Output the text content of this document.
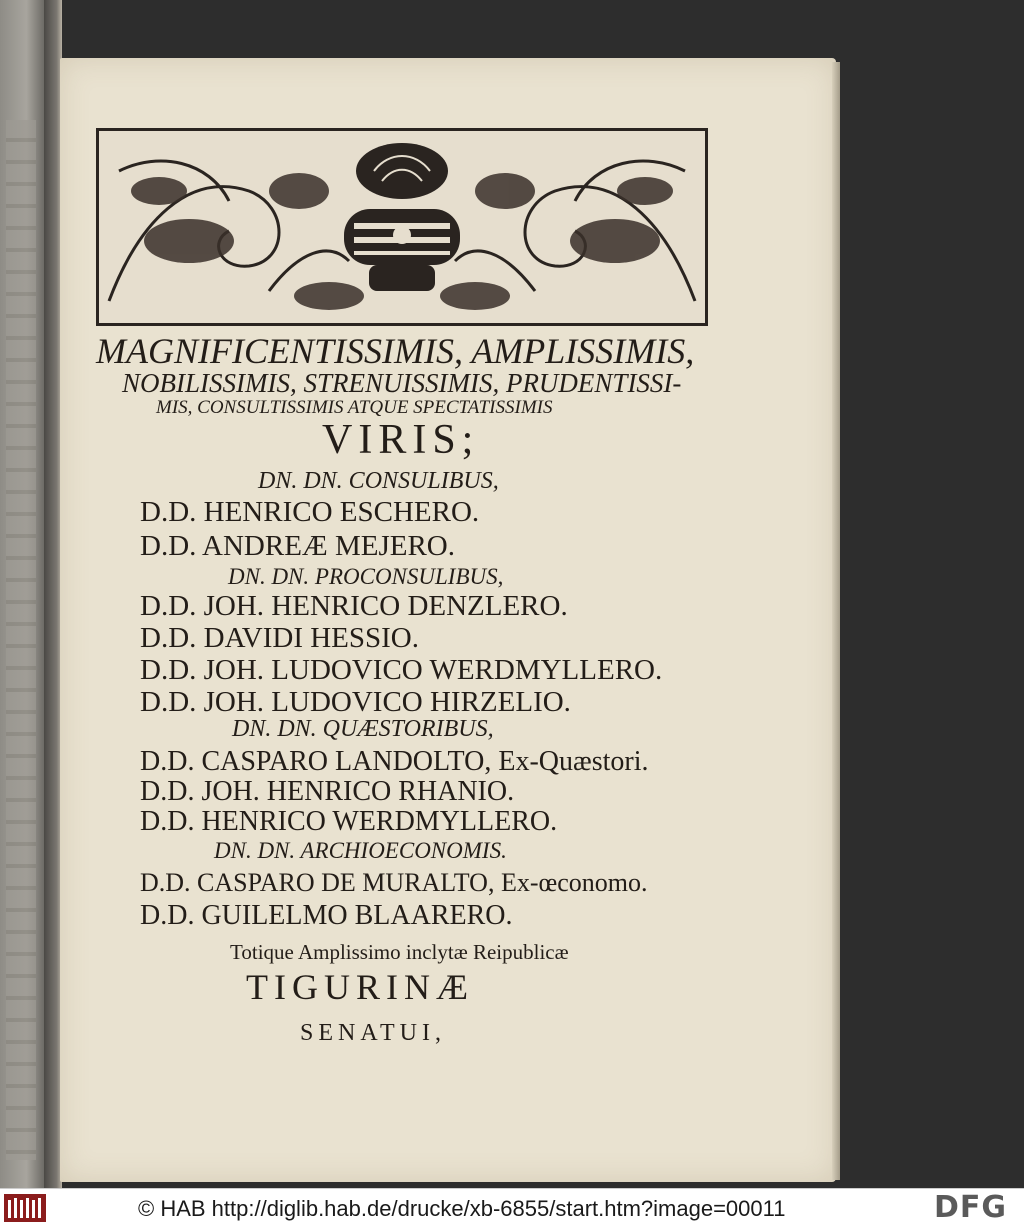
MAGNIFICENTISSIMIS, AMPLISSIMIS,
NOBILISSIMIS, STRENUISSIMIS, PRUDENTISSI-
MIS, CONSULTISSIMIS ATQUE SPECTATISSIMIS
VIRIS;
DN. DN. CONSULIBUS,
D.D. HENRICO ESCHERO.
D.D. ANDREÆ MEJERO.
DN. DN. PROCONSULIBUS,
D.D. JOH. HENRICO DENZLERO.
D.D. DAVIDI HESSIO.
D.D. JOH. LUDOVICO WERDMYLLERO.
D.D. JOH. LUDOVICO HIRZELIO.
DN. DN. QUÆSTORIBUS,
D.D. CASPARO LANDOLTO, Ex-Quæstori.
D.D. JOH. HENRICO RHANIO.
D.D. HENRICO WERDMYLLERO.
DN. DN. ARCHIOECONOMIS.
D.D. CASPARO DE MURALTO, Ex-œconomo.
D.D. GUILELMO BLAARERO.
Totique Amplissimo inclytæ Reipublicæ
TIGURINÆ
SENATUI,
© HAB http://diglib.hab.de/drucke/xb-6855/start.htm?image=00011	DFG
